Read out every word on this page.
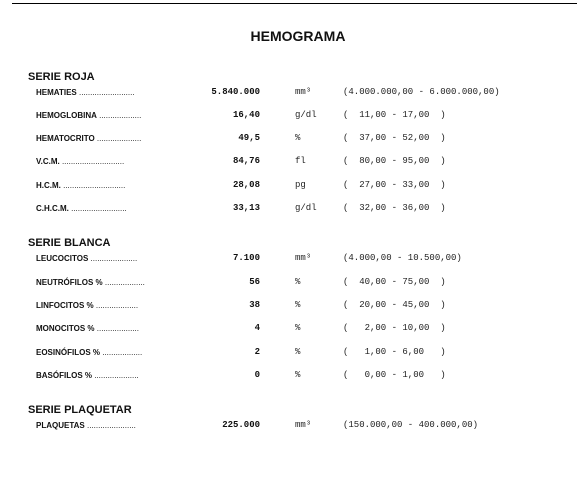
HEMOGRAMA
SERIE ROJA
HEMATIES .........................	5.840.000	mm³	(4.000.000,00 - 6.000.000,00)
HEMOGLOBINA ...................	16,40	g/dl	(  11,00 - 17,00  )
HEMATOCRITO ....................	49,5	%	(  37,00 - 52,00  )
V.C.M. ............................	84,76	fl	(  80,00 - 95,00  )
H.C.M. ............................	28,08	pg	(  27,00 - 33,00  )
C.H.C.M. .........................	33,13	g/dl	(  32,00 - 36,00  )
SERIE BLANCA
LEUCOCITOS .....................	7.100	mm³	(4.000,00 - 10.500,00)
NEUTRÓFILOS % ..................	56	%	(  40,00 - 75,00  )
LINFOCITOS % ...................	38	%	(  20,00 - 45,00  )
MONOCITOS % ...................	4	%	(   2,00 - 10,00  )
EOSINÓFILOS % ..................	2	%	(   1,00 - 6,00   )
BASÓFILOS % ....................	0	%	(   0,00 - 1,00   )
SERIE PLAQUETAR
PLAQUETAS ......................	225.000	mm³	(150.000,00 - 400.000,00)
